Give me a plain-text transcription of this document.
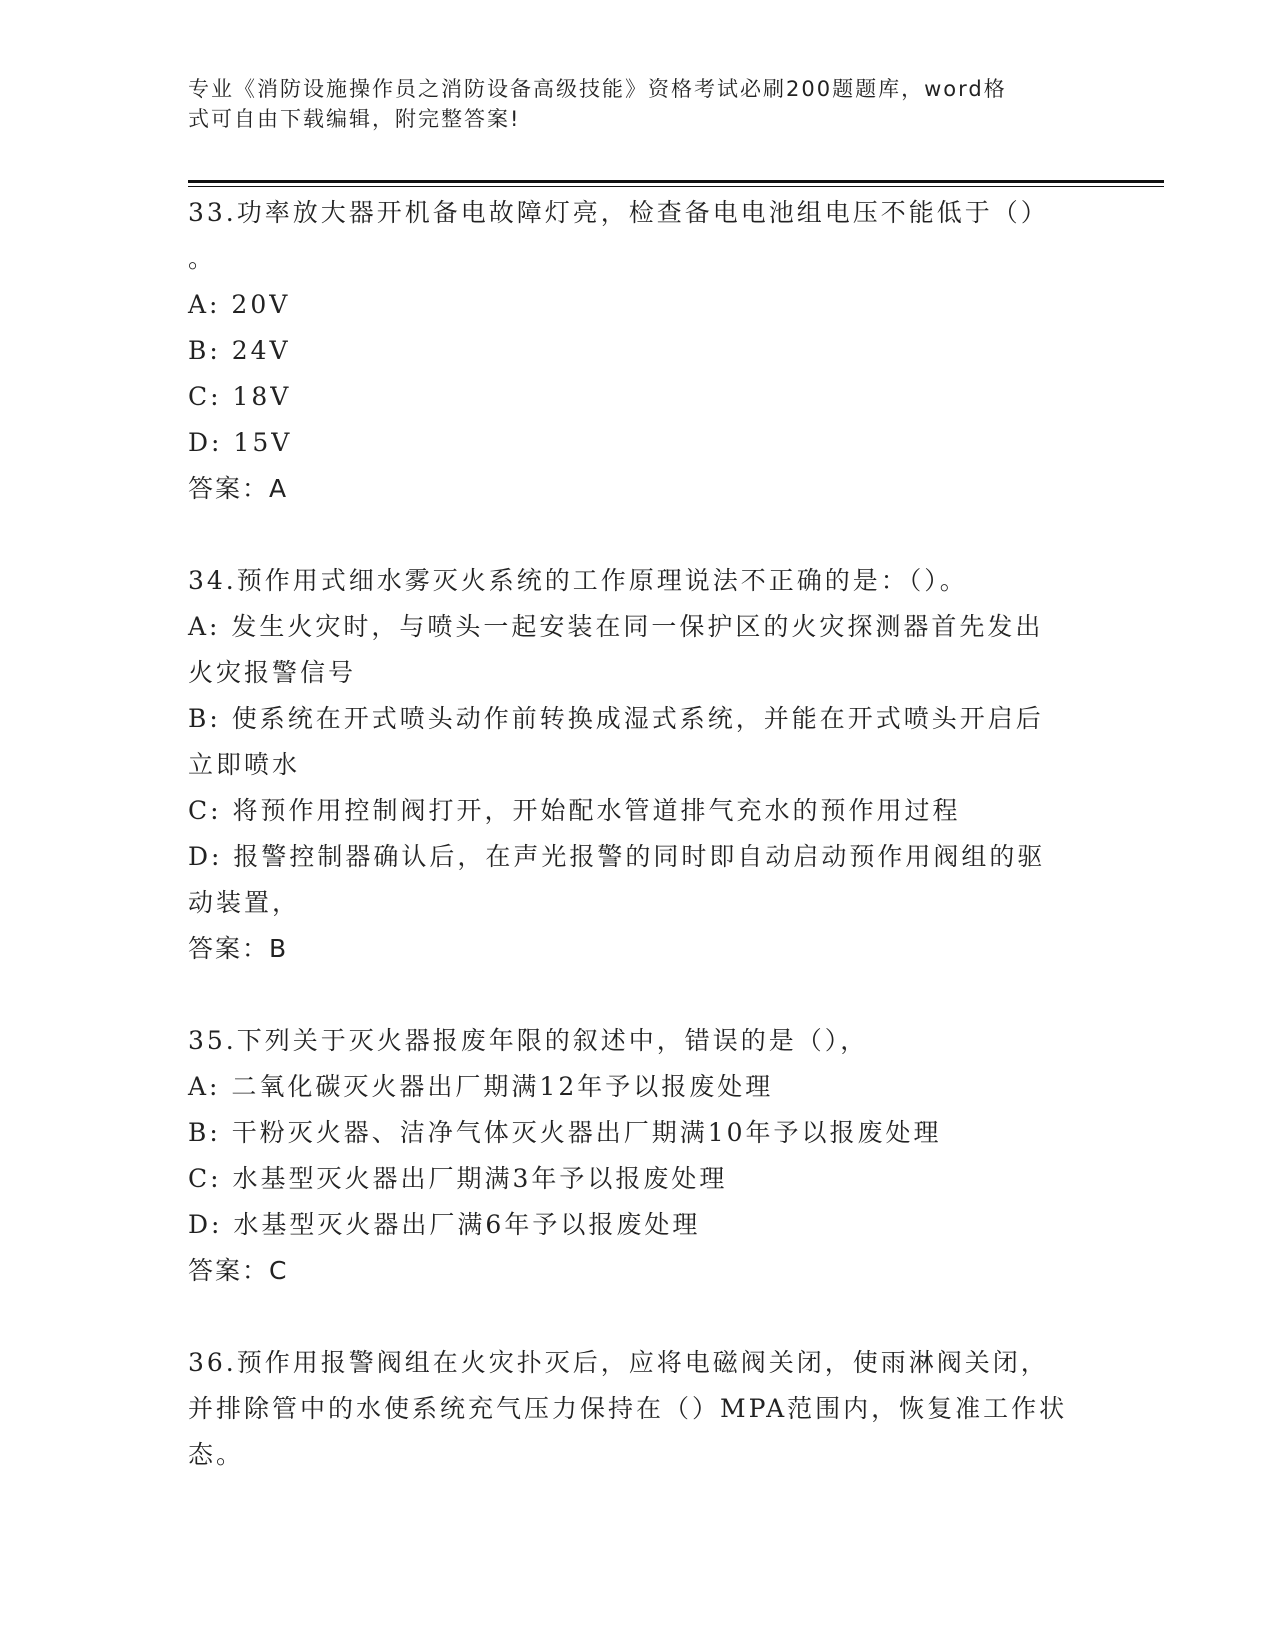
专业《消防设施操作员之消防设备高级技能》资格考试必刷200题题库，word格
式可自由下载编辑，附完整答案!

33.功率放大器开机备电故障灯亮，检查备电电池组电压不能低于（）

。

A: 20V

B: 24V

C: 18V

D: 15V

答案：A

34.预作用式细水雾灭火系统的工作原理说法不正确的是：（）。

A: 发生火灾时，与喷头一起安装在同一保护区的火灾探测器首先发出

火灾报警信号

B: 使系统在开式喷头动作前转换成湿式系统，并能在开式喷头开启后

立即喷水

C: 将预作用控制阀打开，开始配水管道排气充水的预作用过程

D: 报警控制器确认后，在声光报警的同时即自动启动预作用阀组的驱

动装置，

答案：B

35.下列关于灭火器报废年限的叙述中，错误的是（），

A: 二氧化碳灭火器出厂期满12年予以报废处理

B: 干粉灭火器、洁净气体灭火器出厂期满10年予以报废处理

C: 水基型灭火器出厂期满3年予以报废处理

D: 水基型灭火器出厂满6年予以报废处理

答案：C

36.预作用报警阀组在火灾扑灭后，应将电磁阀关闭，使雨淋阀关闭，

并排除管中的水使系统充气压力保持在（）MPA范围内，恢复准工作状

态。
